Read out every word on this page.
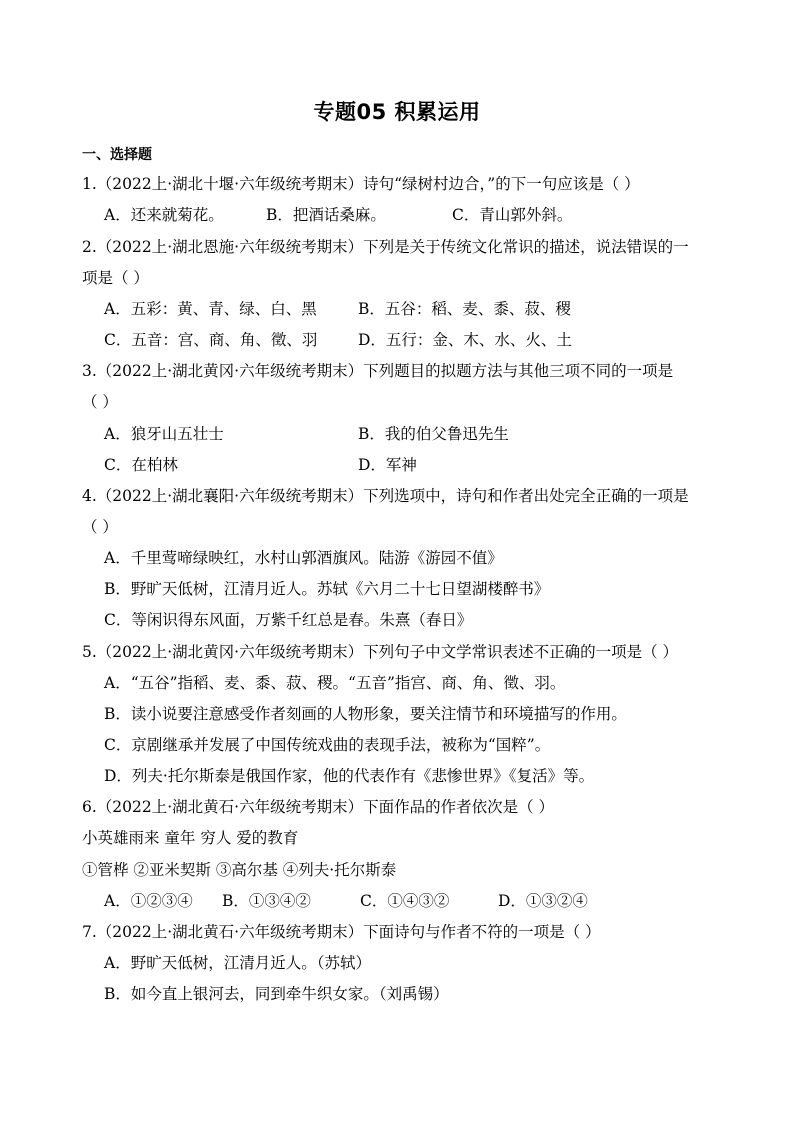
专题05 积累运用
一、选择题
1.（2022上·湖北十堰·六年级统考期末）诗句“绿树村边合，”的下一句应该是（ ）
A．还来就菊花。	B．把酒话桑麻。	C．青山郭外斜。
2.（2022上·湖北恩施·六年级统考期末）下列是关于传统文化常识的描述，说法错误的一
项是（ ）
A．五彩：黄、青、绿、白、黑	B．五谷：稻、麦、黍、菽、稷
C．五音：宫、商、角、徵、羽	D．五行：金、木、水、火、土
3.（2022上·湖北黄冈·六年级统考期末）下列题目的拟题方法与其他三项不同的一项是
（ ）
A．狼牙山五壮士	B．我的伯父鲁迅先生
C．在柏林	D．军神
4.（2022上·湖北襄阳·六年级统考期末）下列选项中，诗句和作者出处完全正确的一项是
（ ）
A．千里莺啼绿映红，水村山郭酒旗风。陆游《游园不值》
B．野旷天低树，江清月近人。苏轼《六月二十七日望湖楼醉书》
C．等闲识得东风面，万紫千红总是春。朱熹（春日》
5.（2022上·湖北黄冈·六年级统考期末）下列句子中文学常识表述不正确的一项是（ ）
A．“五谷”指稻、麦、黍、菽、稷。“五音”指宫、商、角、徵、羽。
B．读小说要注意感受作者刻画的人物形象，要关注情节和环境描写的作用。
C．京剧继承并发展了中国传统戏曲的表现手法，被称为“国粹”。
D．列夫·托尔斯泰是俄国作家，他的代表作有《悲惨世界》《复活》等。
6.（2022上·湖北黄石·六年级统考期末）下面作品的作者依次是（ ）
小英雄雨来 童年 穷人 爱的教育
①管桦 ②亚米契斯 ③高尔基 ④列夫·托尔斯泰
A．①②③④ B．①③④②	C．①④③②	D．①③②④
7.（2022上·湖北黄石·六年级统考期末）下面诗句与作者不符的一项是（ ）
A．野旷天低树，江清月近人。（苏轼）
B．如今直上银河去，同到牵牛织女家。（刘禹锡）
